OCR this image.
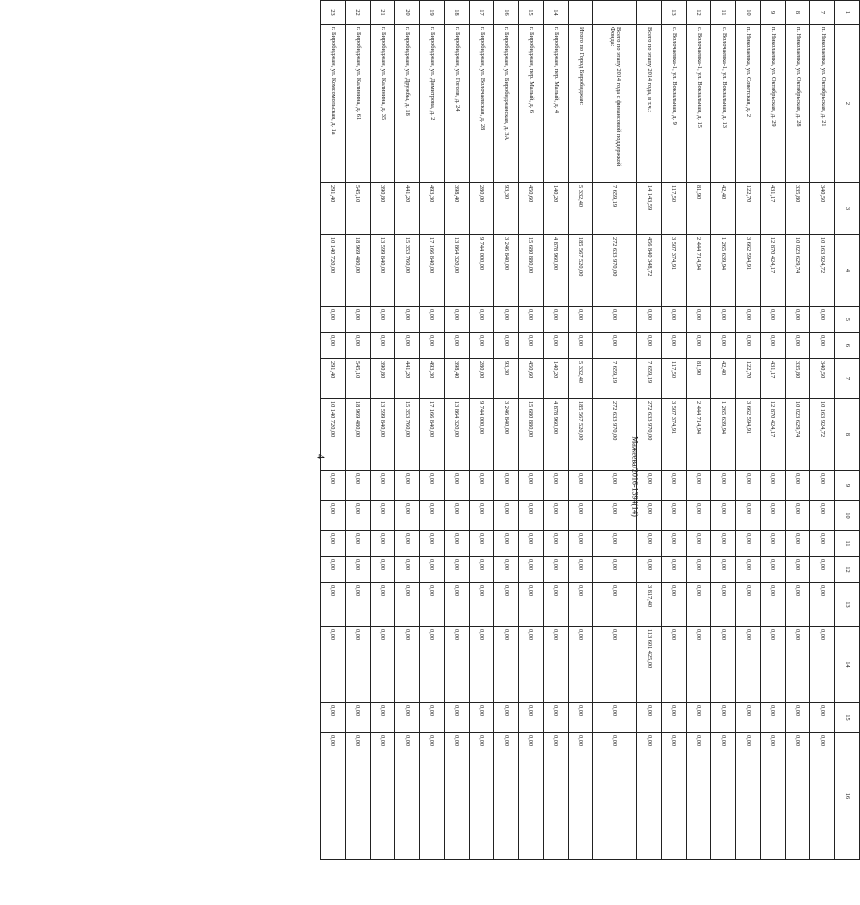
4	Мажеева/2016-1394(14)
1	2	3	4	5	6	7	8	9	10	11	12	13	14	15	16
7	п. Николаевка, ул. Октябрьская, д. 21	340,50	10 163 924,72	0,00	0,00	340,50	10 163 924,72	0,00	0,00	0,00	0,00	0,00	0,00	0,00	0,00
8	п. Николаевка, ул. Октябрьская, д. 28	335,80	10 023 629,74	0,00	0,00	335,80	10 023 629,74	0,00	0,00	0,00	0,00	0,00	0,00	0,00	0,00
9	п. Николаевка, ул. Октябрьская, д. 29	431,17	12 870 424,17	0,00	0,00	431,17	12 870 424,17	0,00	0,00	0,00	0,00	0,00	0,00	0,00	0,00
10	п. Николаевка, ул. Советская, д. 2	122,70	3 662 594,91	0,00	0,00	122,70	3 662 594,91	0,00	0,00	0,00	0,00	0,00	0,00	0,00	0,00
11	с. Волочаевка-1, ул. Вокзальная, д. 13	42,40	1 265 639,94	0,00	0,00	42,40	1 265 639,94	0,00	0,00	0,00	0,00	0,00	0,00	0,00	0,00
12	с. Волочаевка-1, ул. Вокзальная, д. 15	81,90	2 444 714,94	0,00	0,00	81,90	2 444 714,94	0,00	0,00	0,00	0,00	0,00	0,00	0,00	0,00
13	с. Волочаевка-1, ул. Вокзальная, д. 9	117,50	3 507 374,91	0,00	0,00	117,50	3 507 374,91	0,00	0,00	0,00	0,00	0,00	0,00	0,00	0,00
	Всего по этапу 2014 года, в т.ч.:	14 143,59	456 840 348,72	0,00	0,00	7 659,19	272 633 970,00	0,00	0,00	0,00	0,00	3 817,40	113 601 425,00	0,00	0,00
	Всего по этапу 2014 года с финансовой поддержкой Фонда:	7 659,19	272 633 970,00	0,00	0,00	7 659,19	272 633 970,00	0,00	0,00	0,00	0,00	0,00	0,00	0,00	0,00
	Итого по Город Биробиджан:	5 332,40	185 567 520,00	0,00	0,00	5 332,40	185 567 520,00	0,00	0,00	0,00	0,00	0,00	0,00	0,00	0,00
14	г. Биробиджан, пер. Малый, д. 4	140,20	4 878 960,00	0,00	0,00	140,20	4 878 960,00	0,00	0,00	0,00	0,00	0,00	0,00	0,00	0,00
15	г. Биробиджан, пер. Малый, д. 6	450,60	15 680 880,00	0,00	0,00	450,60	15 680 880,00	0,00	0,00	0,00	0,00	0,00	0,00	0,00	0,00
16	г. Биробиджан, ул. Биробиджанская, д. 3А	93,30	3 246 840,00	0,00	0,00	93,30	3 246 840,00	0,00	0,00	0,00	0,00	0,00	0,00	0,00	0,00
17	г. Биробиджан, ул. Волочаевская, д. 28	280,00	9 744 000,00	0,00	0,00	280,00	9 744 000,00	0,00	0,00	0,00	0,00	0,00	0,00	0,00	0,00
18	г. Биробиджан, ул. Гоголя, д. 24	398,40	13 864 320,00	0,00	0,00	398,40	13 864 320,00	0,00	0,00	0,00	0,00	0,00	0,00	0,00	0,00
19	г. Биробиджан, ул. Димитрова, д. 2	493,30	17 166 840,00	0,00	0,00	493,30	17 166 840,00	0,00	0,00	0,00	0,00	0,00	0,00	0,00	0,00
20	г. Биробиджан, ул. Дружбы, д. 18	441,20	15 353 760,00	0,00	0,00	441,20	15 353 760,00	0,00	0,00	0,00	0,00	0,00	0,00	0,00	0,00
21	г. Биробиджан, ул. Калинина, д. 35	390,80	13 599 840,00	0,00	0,00	390,80	13 599 840,00	0,00	0,00	0,00	0,00	0,00	0,00	0,00	0,00
22	г. Биробиджан, ул. Калинина, д. 61	545,10	18 969 480,00	0,00	0,00	545,10	18 969 480,00	0,00	0,00	0,00	0,00	0,00	0,00	0,00	0,00
23	г. Биробиджан, ул. Комсомольская, д. 1а	291,40	10 140 720,00	0,00	0,00	291,40	10 140 720,00	0,00	0,00	0,00	0,00	0,00	0,00	0,00	0,00
